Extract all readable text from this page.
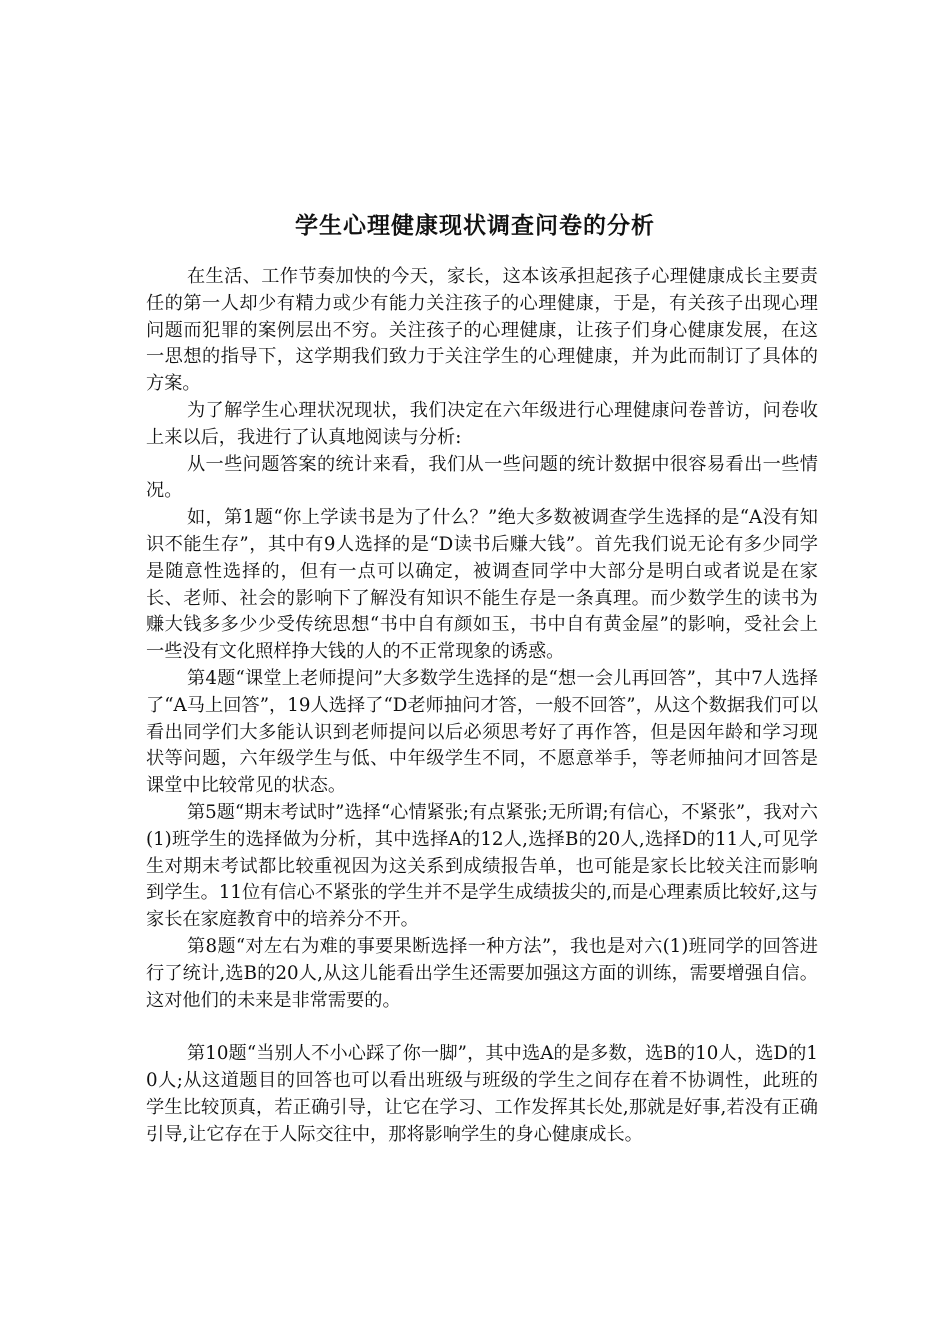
学生心理健康现状调查问卷的分析

在生活、工作节奏加快的今天，家长，这本该承担起孩子心理健康成长主要责任的第一人却少有精力或少有能力关注孩子的心理健康，于是，有关孩子出现心理问题而犯罪的案例层出不穷。关注孩子的心理健康，让孩子们身心健康发展，在这一思想的指导下，这学期我们致力于关注学生的心理健康，并为此而制订了具体的方案。

为了解学生心理状况现状，我们决定在六年级进行心理健康问卷普访，问卷收上来以后，我进行了认真地阅读与分析:

从一些问题答案的统计来看，我们从一些问题的统计数据中很容易看出一些情况。

如，第1题“你上学读书是为了什么？”绝大多数被调查学生选择的是“A没有知识不能生存”，其中有9人选择的是“D读书后赚大钱”。首先我们说无论有多少同学是随意性选择的，但有一点可以确定，被调查同学中大部分是明白或者说是在家长、老师、社会的影响下了解没有知识不能生存是一条真理。而少数学生的读书为赚大钱多多少少受传统思想“书中自有颜如玉，书中自有黄金屋”的影响，受社会上一些没有文化照样挣大钱的人的不正常现象的诱惑。

第4题“课堂上老师提问”大多数学生选择的是“想一会儿再回答”，其中7人选择了“A马上回答”，19人选择了“D老师抽问才答，一般不回答”，从这个数据我们可以看出同学们大多能认识到老师提问以后必须思考好了再作答，但是因年龄和学习现状等问题，六年级学生与低、中年级学生不同，不愿意举手，等老师抽问才回答是课堂中比较常见的状态。

第5题“期末考试时”选择“心情紧张;有点紧张;无所谓;有信心，不紧张”，我对六(1)班学生的选择做为分析，其中选择A的12人,选择B的20人,选择D的11人,可见学生对期末考试都比较重视因为这关系到成绩报告单，也可能是家长比较关注而影响到学生。11位有信心不紧张的学生并不是学生成绩拔尖的,而是心理素质比较好,这与家长在家庭教育中的培养分不开。

第8题“对左右为难的事要果断选择一种方法”，我也是对六(1)班同学的回答进行了统计,选B的20人,从这儿能看出学生还需要加强这方面的训练，需要增强自信。这对他们的未来是非常需要的。

第10题“当别人不小心踩了你一脚”，其中选A的是多数，选B的10人，选D的10人;从这道题目的回答也可以看出班级与班级的学生之间存在着不协调性，此班的学生比较顶真，若正确引导，让它在学习、工作发挥其长处,那就是好事,若没有正确引导,让它存在于人际交往中，那将影响学生的身心健康成长。
